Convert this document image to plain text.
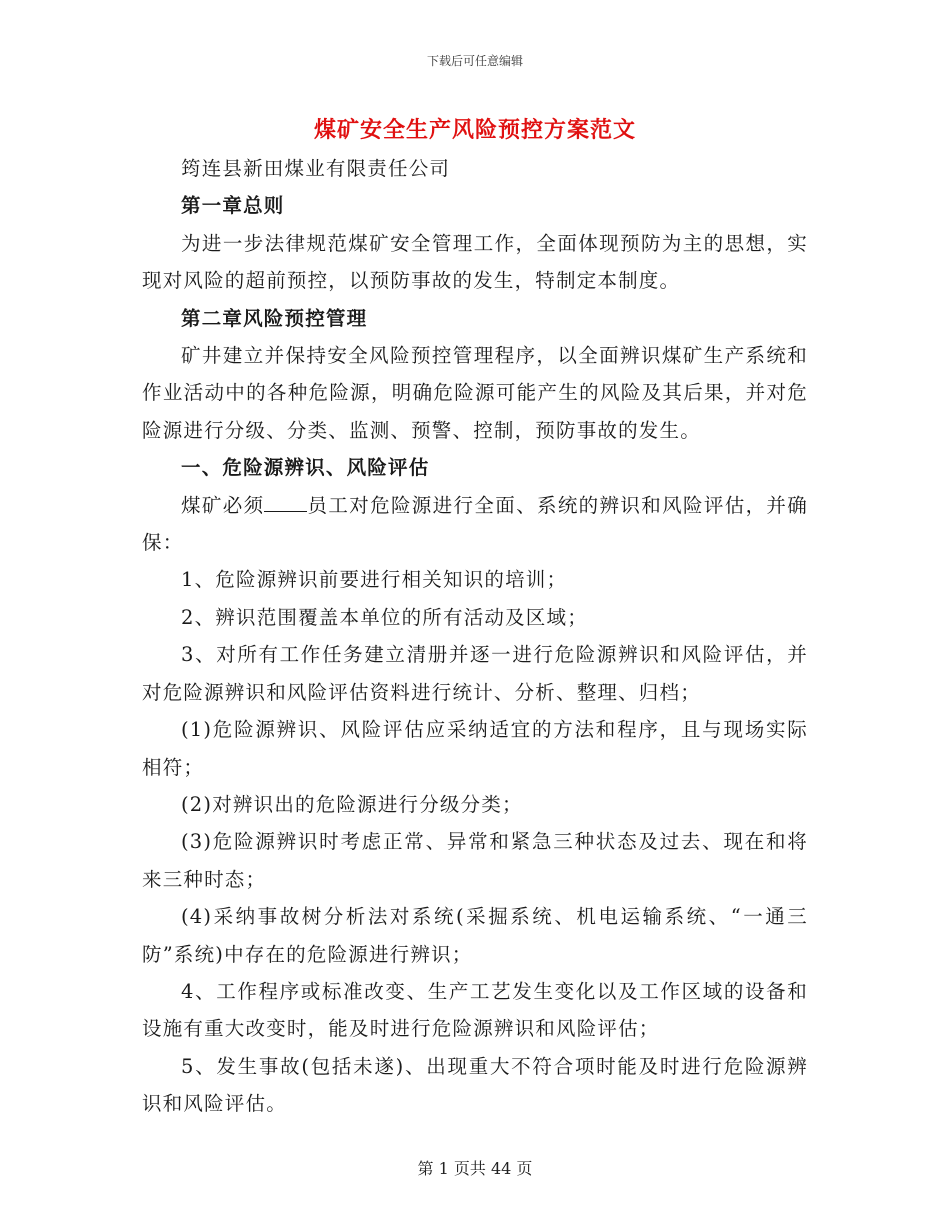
下载后可任意编辑
煤矿安全生产风险预控方案范文

筠连县新田煤业有限责任公司

第一章总则

为进一步法律规范煤矿安全管理工作，全面体现预防为主的思想，实现对风险的超前预控，以预防事故的发生，特制定本制度。

第二章风险预控管理

矿井建立并保持安全风险预控管理程序，以全面辨识煤矿生产系统和作业活动中的各种危险源，明确危险源可能产生的风险及其后果，并对危险源进行分级、分类、监测、预警、控制，预防事故的发生。

一、危险源辨识、风险评估

煤矿必须 员工对危险源进行全面、系统的辨识和风险评估，并确保：

1、危险源辨识前要进行相关知识的培训；

2、辨识范围覆盖本单位的所有活动及区域；

3、对所有工作任务建立清册并逐一进行危险源辨识和风险评估，并对危险源辨识和风险评估资料进行统计、分析、整理、归档；

(1)危险源辨识、风险评估应采纳适宜的方法和程序，且与现场实际相符；

(2)对辨识出的危险源进行分级分类；

(3)危险源辨识时考虑正常、异常和紧急三种状态及过去、现在和将来三种时态；

(4)采纳事故树分析法对系统(采掘系统、机电运输系统、“一通三防”系统)中存在的危险源进行辨识；

4、工作程序或标准改变、生产工艺发生变化以及工作区域的设备和设施有重大改变时，能及时进行危险源辨识和风险评估；

5、发生事故(包括未遂)、出现重大不符合项时能及时进行危险源辨识和风险评估。

第 1 页共 44 页
